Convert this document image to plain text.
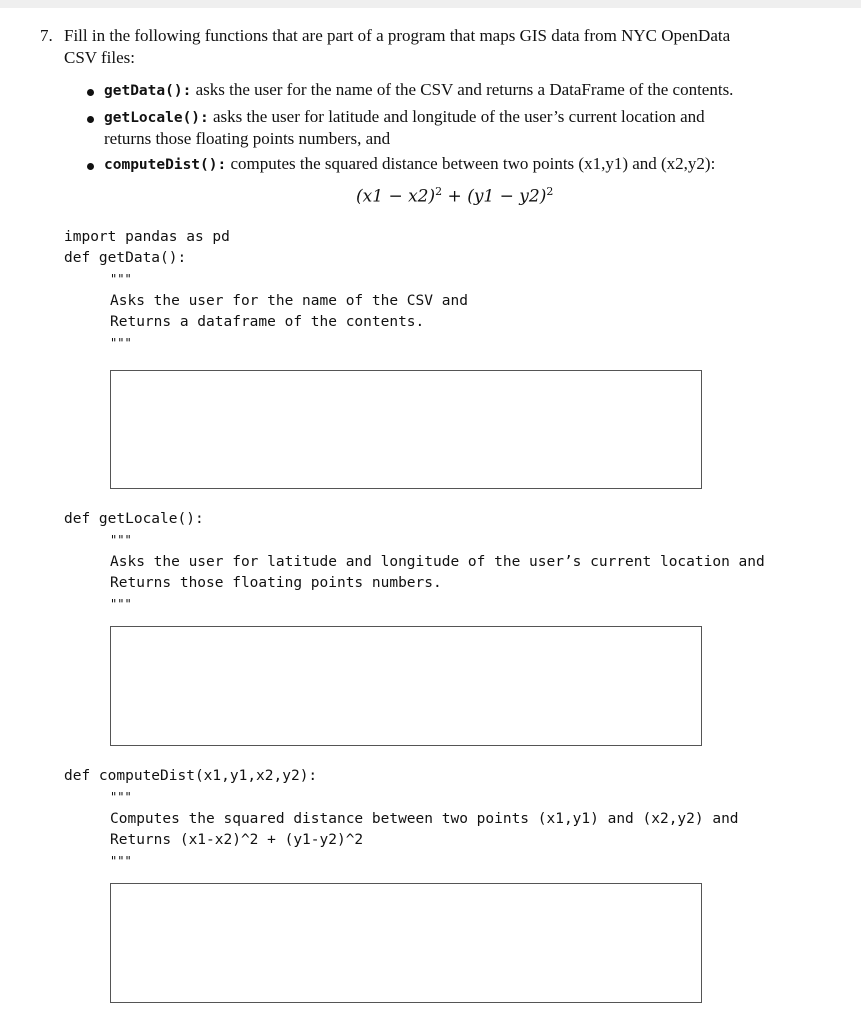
7. Fill in the following functions that are part of a program that maps GIS data from NYC OpenData
CSV files:
getData(): asks the user for the name of the CSV and returns a DataFrame of the contents.
getLocale(): asks the user for latitude and longitude of the user’s current location and
returns those floating points numbers, and
computeDist(): computes the squared distance between two points (x1,y1) and (x2,y2):
$(x1 - x2)^2 + (y1 - y2)^2$
import pandas as pd
def getData():
"""
Asks the user for the name of the CSV and
Returns a dataframe of the contents.
"""
def getLocale():
"""
Asks the user for latitude and longitude of the user’s current location and
Returns those floating points numbers.
"""
def computeDist(x1,y1,x2,y2):
"""
Computes the squared distance between two points (x1,y1) and (x2,y2) and
Returns (x1-x2)^2 + (y1-y2)^2
"""
